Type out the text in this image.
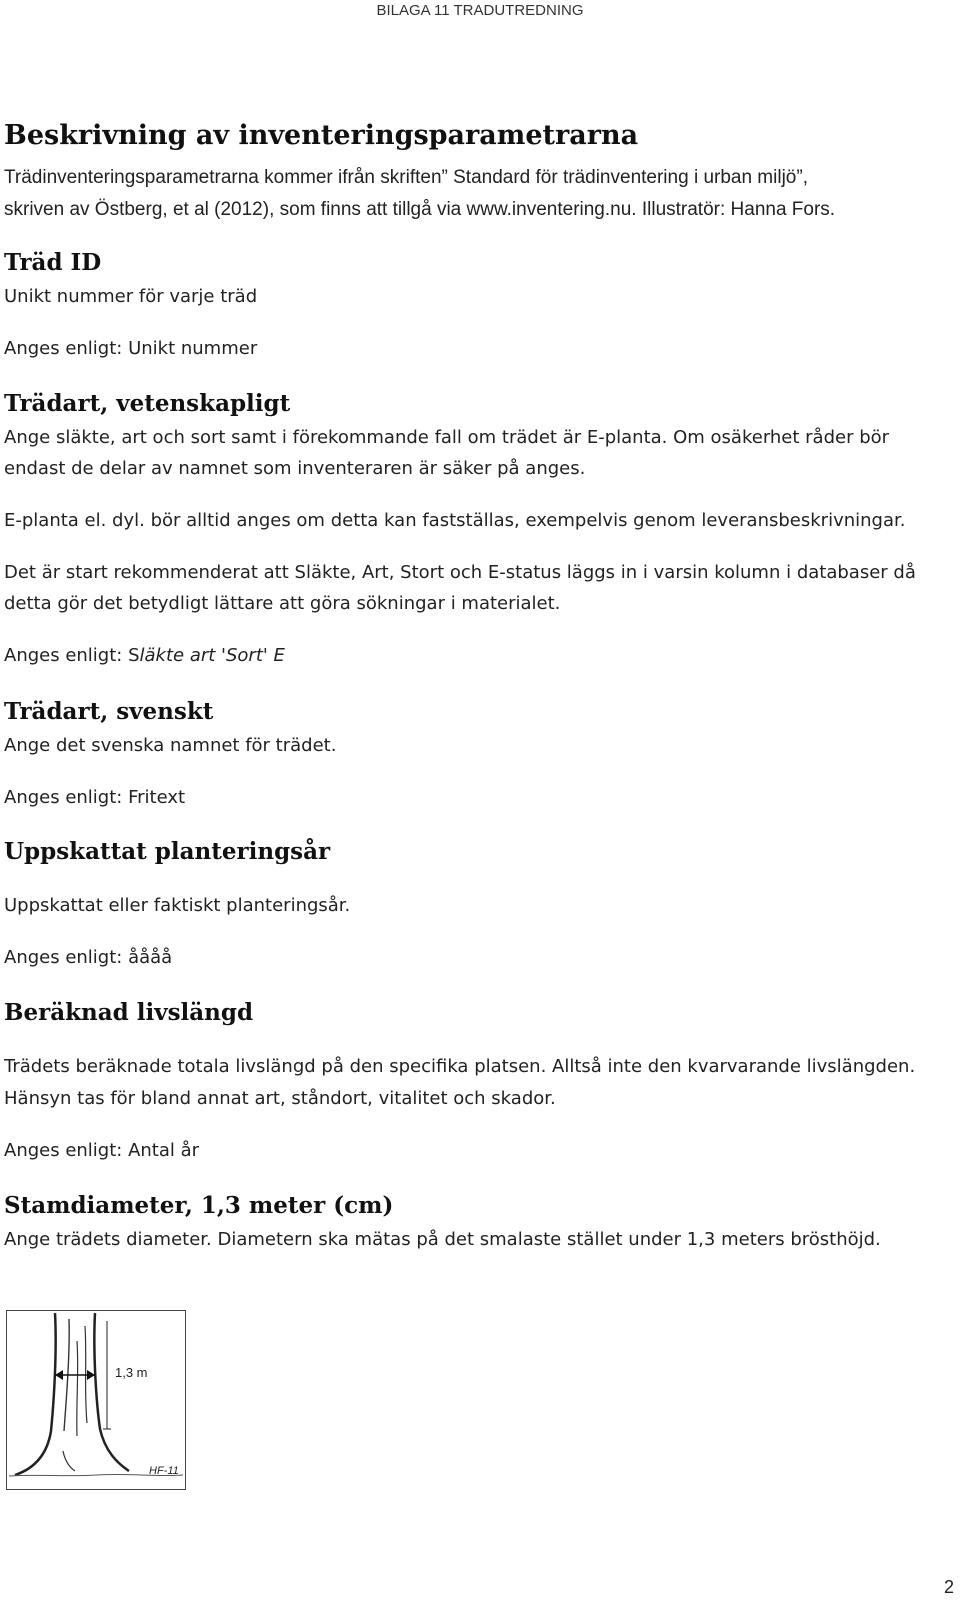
BILAGA 11 TRADUTREDNING
Beskrivning av inventeringsparametrarna
Trädinventeringsparametrarna kommer ifrån skriften” Standard för trädinventering i urban miljö”,
skriven av Östberg, et al (2012), som finns att tillgå via www.inventering.nu. Illustratör: Hanna Fors.
Träd ID
Unikt nummer för varje träd
Anges enligt: Unikt nummer
Trädart, vetenskapligt
Ange släkte, art och sort samt i förekommande fall om trädet är E-planta. Om osäkerhet råder bör
endast de delar av namnet som inventeraren är säker på anges.
E-planta el. dyl. bör alltid anges om detta kan fastställas, exempelvis genom leveransbeskrivningar.
Det är start rekommenderat att Släkte, Art, Stort och E-status läggs in i varsin kolumn i databaser då
detta gör det betydligt lättare att göra sökningar i materialet.
Anges enligt: Släkte art 'Sort' E
Trädart, svenskt
Ange det svenska namnet för trädet.
Anges enligt: Fritext
Uppskattat planteringsår
Uppskattat eller faktiskt planteringsår.
Anges enligt: åååå
Beräknad livslängd
Trädets beräknade totala livslängd på den specifika platsen. Alltså inte den kvarvarande livslängden.
Hänsyn tas för bland annat art, ståndort, vitalitet och skador.
Anges enligt: Antal år
Stamdiameter, 1,3 meter (cm)
Ange trädets diameter. Diametern ska mätas på det smalaste stället under 1,3 meters brösthöjd.
1,3 m
HF-11
2
